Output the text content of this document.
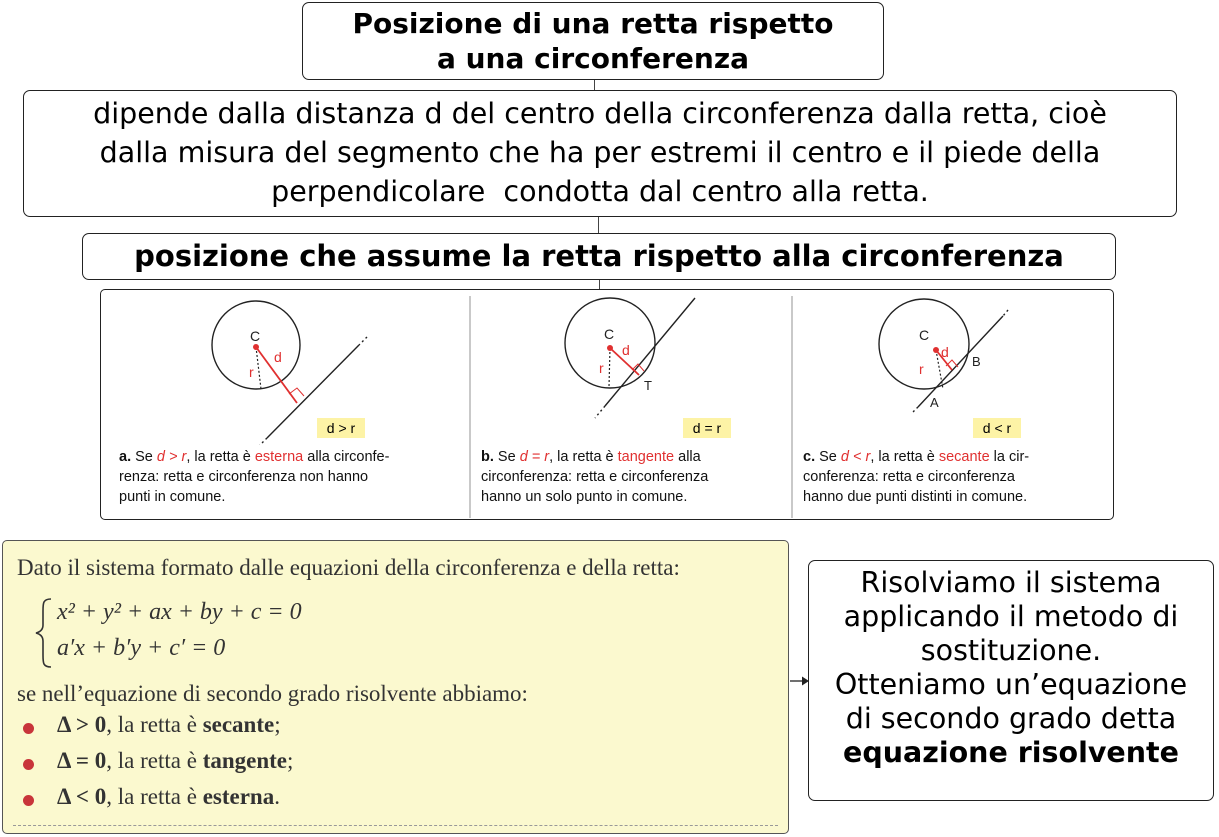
Posizione di una retta rispetto
a una circonferenza
dipende dalla distanza d del centro della circonferenza dalla retta, cioè
dalla misura del segmento che ha per estremi il centro e il piede della
perpendicolare  condotta dal centro alla retta.
posizione che assume la retta rispetto alla circonferenza
C
d
r
d > r
a. Se d > r, la retta è esterna alla circonfe-
renza: retta e circonferenza non hanno
punti in comune.
C
d
r
T
d = r
b. Se d = r, la retta è tangente alla
circonferenza: retta e circonferenza
hanno un solo punto in comune.
C
d
r	B
A
d < r
c. Se d < r, la retta è secante la cir-
conferenza: retta e circonferenza
hanno due punti distinti in comune.
Dato il sistema formato dalle equazioni della circonferenza e della retta:
x² + y² + ax + by + c = 0
a′x + b′y + c′ = 0
se nell’equazione di secondo grado risolvente abbiamo:
Δ > 0, la retta è secante;
Δ = 0, la retta è tangente;
Δ < 0, la retta è esterna.
Risolviamo il sistema
applicando il metodo di
sostituzione.
Otteniamo un’equazione
di secondo grado detta
equazione risolvente
